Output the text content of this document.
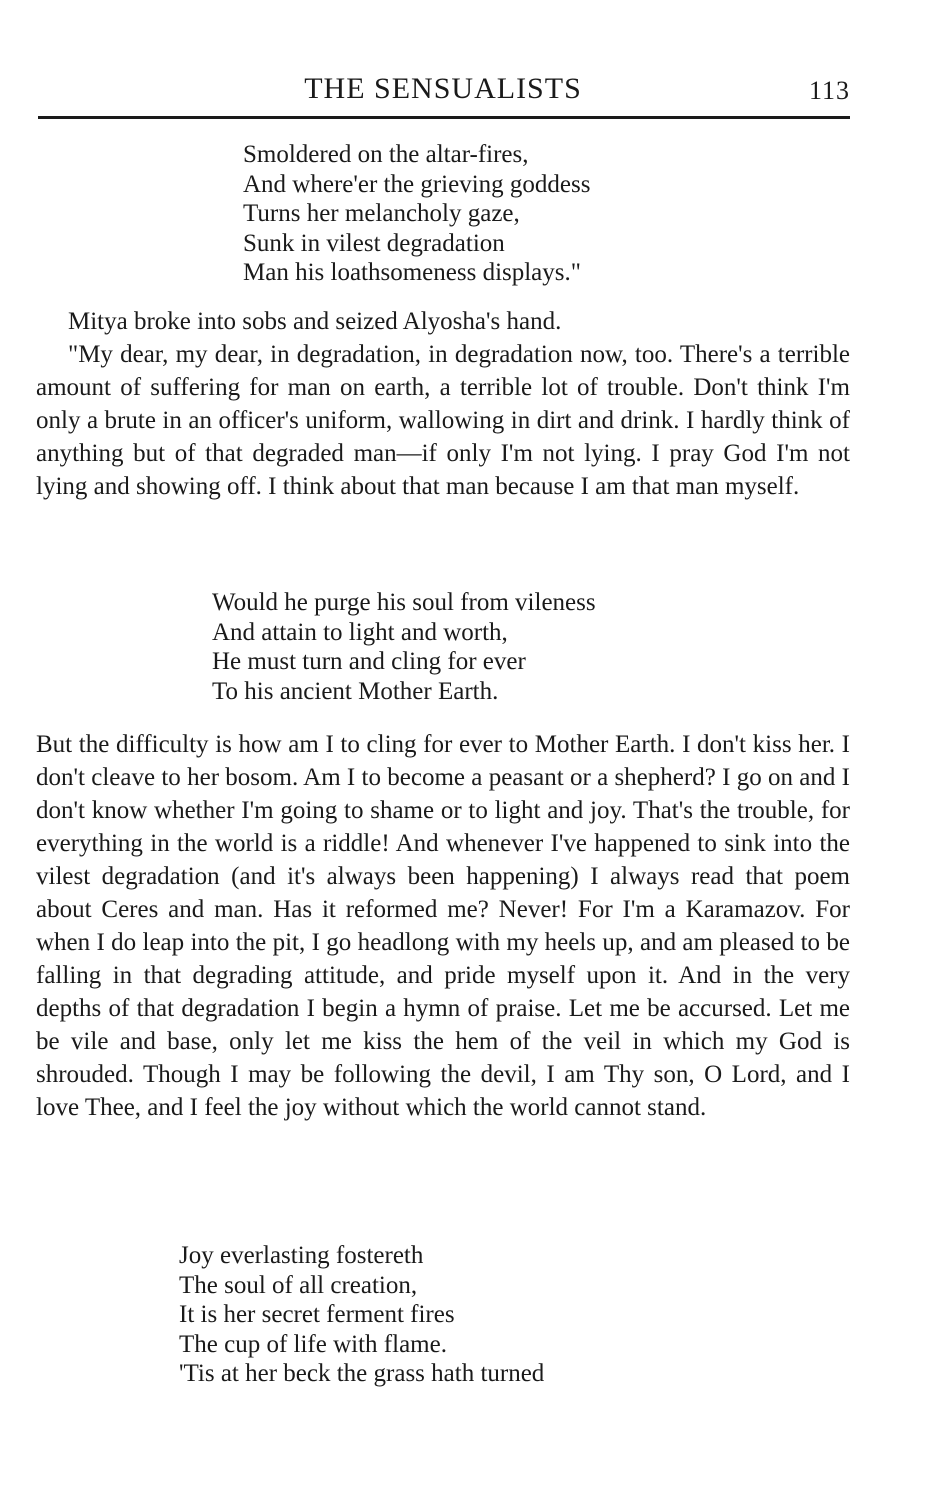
THE SENSUALISTS	113
Smoldered on the altar-fires,
And where'er the grieving goddess
Turns her melancholy gaze,
Sunk in vilest degradation
Man his loathsomeness displays."

Mitya broke into sobs and seized Alyosha's hand.

"My dear, my dear, in degradation, in degradation now, too. There's a terrible amount of suffering for man on earth, a terrible lot of trouble. Don't think I'm only a brute in an officer's uniform, wallowing in dirt and drink. I hardly think of anything but of that degraded man—if only I'm not lying. I pray God I'm not lying and showing off. I think about that man because I am that man myself.

Would he purge his soul from vileness
And attain to light and worth,
He must turn and cling for ever
To his ancient Mother Earth.

But the difficulty is how am I to cling for ever to Mother Earth. I don't kiss her. I don't cleave to her bosom. Am I to become a peasant or a shepherd? I go on and I don't know whether I'm going to shame or to light and joy. That's the trouble, for everything in the world is a riddle! And whenever I've happened to sink into the vilest degradation (and it's always been happening) I always read that poem about Ceres and man. Has it reformed me? Never! For I'm a Karamazov. For when I do leap into the pit, I go headlong with my heels up, and am pleased to be falling in that degrading attitude, and pride myself upon it. And in the very depths of that degradation I begin a hymn of praise. Let me be accursed. Let me be vile and base, only let me kiss the hem of the veil in which my God is shrouded. Though I may be following the devil, I am Thy son, O Lord, and I love Thee, and I feel the joy without which the world cannot stand.

Joy everlasting fostereth
The soul of all creation,
It is her secret ferment fires
The cup of life with flame.
'Tis at her beck the grass hath turned
